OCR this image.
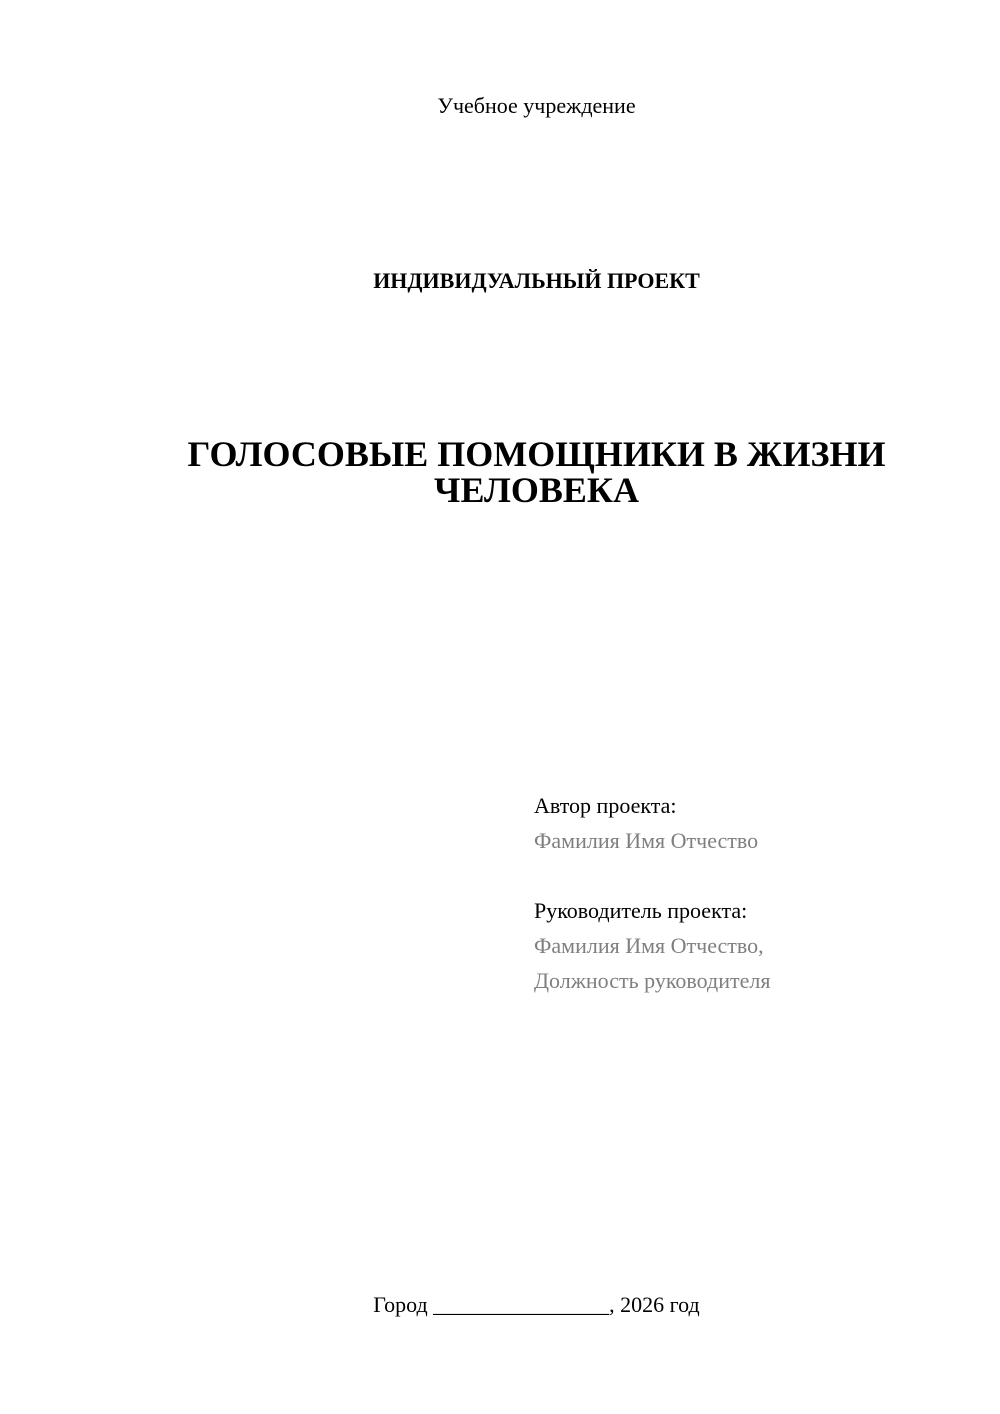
Учебное учреждение
ИНДИВИДУАЛЬНЫЙ ПРОЕКТ
ГОЛОСОВЫЕ ПОМОЩНИКИ В ЖИЗНИ
ЧЕЛОВЕКА
Автор проекта:
Фамилия Имя Отчество
Руководитель проекта:
Фамилия Имя Отчество,
Должность руководителя
Город ________________, 2026 год
